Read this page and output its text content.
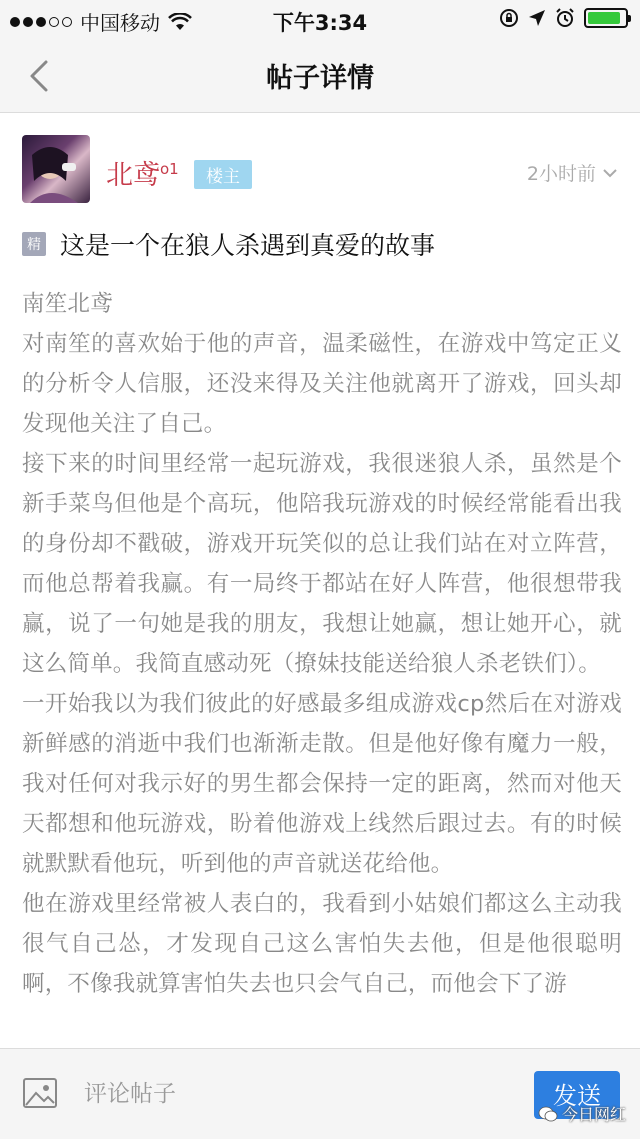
中国移动	下午3:34
帖子详情
北鸢$^{o1}$	楼主	2小时前
精 这是一个在狼人杀遇到真爱的故事

南笙北鸢

对南笙的喜欢始于他的声音，温柔磁性，在游戏中笃定正义的分析令人信服，还没来得及关注他就离开了游戏，回头却发现他关注了自己。

接下来的时间里经常一起玩游戏，我很迷狼人杀，虽然是个新手菜鸟但他是个高玩，他陪我玩游戏的时候经常能看出我的身份却不戳破，游戏开玩笑似的总让我们站在对立阵营，而他总帮着我赢。有一局终于都站在好人阵营，他很想带我赢，说了一句她是我的朋友，我想让她赢，想让她开心，就这么简单。我简直感动死（撩妹技能送给狼人杀老铁们）。

一开始我以为我们彼此的好感最多组成游戏cp然后在对游戏新鲜感的消逝中我们也渐渐走散。但是他好像有魔力一般，我对任何对我示好的男生都会保持一定的距离，然而对他天天都想和他玩游戏，盼着他游戏上线然后跟过去。有的时候就默默看他玩，听到他的声音就送花给他。

他在游戏里经常被人表白的，我看到小姑娘们都这么主动我很气自己怂，才发现自己这么害怕失去他，但是他很聪明啊，不像我就算害怕失去也只会气自己，而他会下了游

评论帖子
发送
今日网红
